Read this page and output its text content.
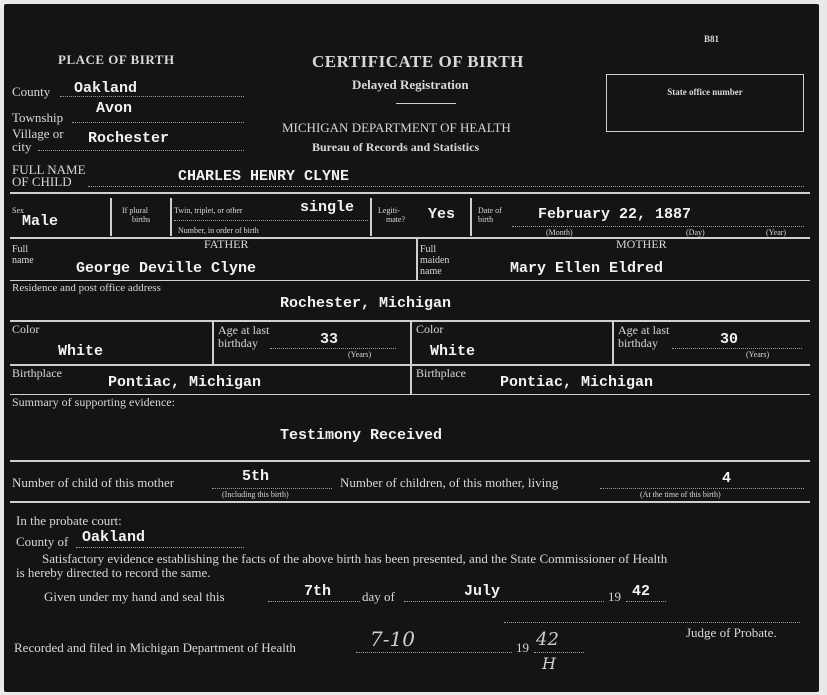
B81
PLACE OF BIRTH	CERTIFICATE OF BIRTH
Delayed Registration
MICHIGAN DEPARTMENT OF HEALTH
Bureau of Records and Statistics
State office number
County Oakland
Township
Avon
Village or
city	Rochester
FULL NAME
OF CHILD	CHARLES HENRY CLYNE
Sex
Male
If plural
births
Twin, triplet, or other	single
Number, in order of birth
Legiti-
mate? Yes	Date of
birth	February 22, 1887
(Month)	(Day)	(Year)
FATHER	MOTHER
Full
name	George Deville Clyne
Full
maiden
name	Mary Ellen Eldred
Residence and post office address
Rochester, Michigan
Color
White
Age at last
birthday	33
(Years)
Color
White
Age at last
birthday	30
(Years)
Birthplace
Pontiac, Michigan
Birthplace
Pontiac, Michigan
Summary of supporting evidence:
Testimony Received
Number of child of this mother	5th
(Including this birth)
Number of children, of this mother, living	4
(At the time of this birth)
In the probate court:
County of Oakland
Satisfactory evidence establishing the facts of the above birth has been presented, and the State Commissioner of Health
is hereby directed to record the same.
Given under my hand and seal this	7th day of	July	19 42
Judge of Probate.
Recorded and filed in Michigan Department of Health	7-10	19 42
H
